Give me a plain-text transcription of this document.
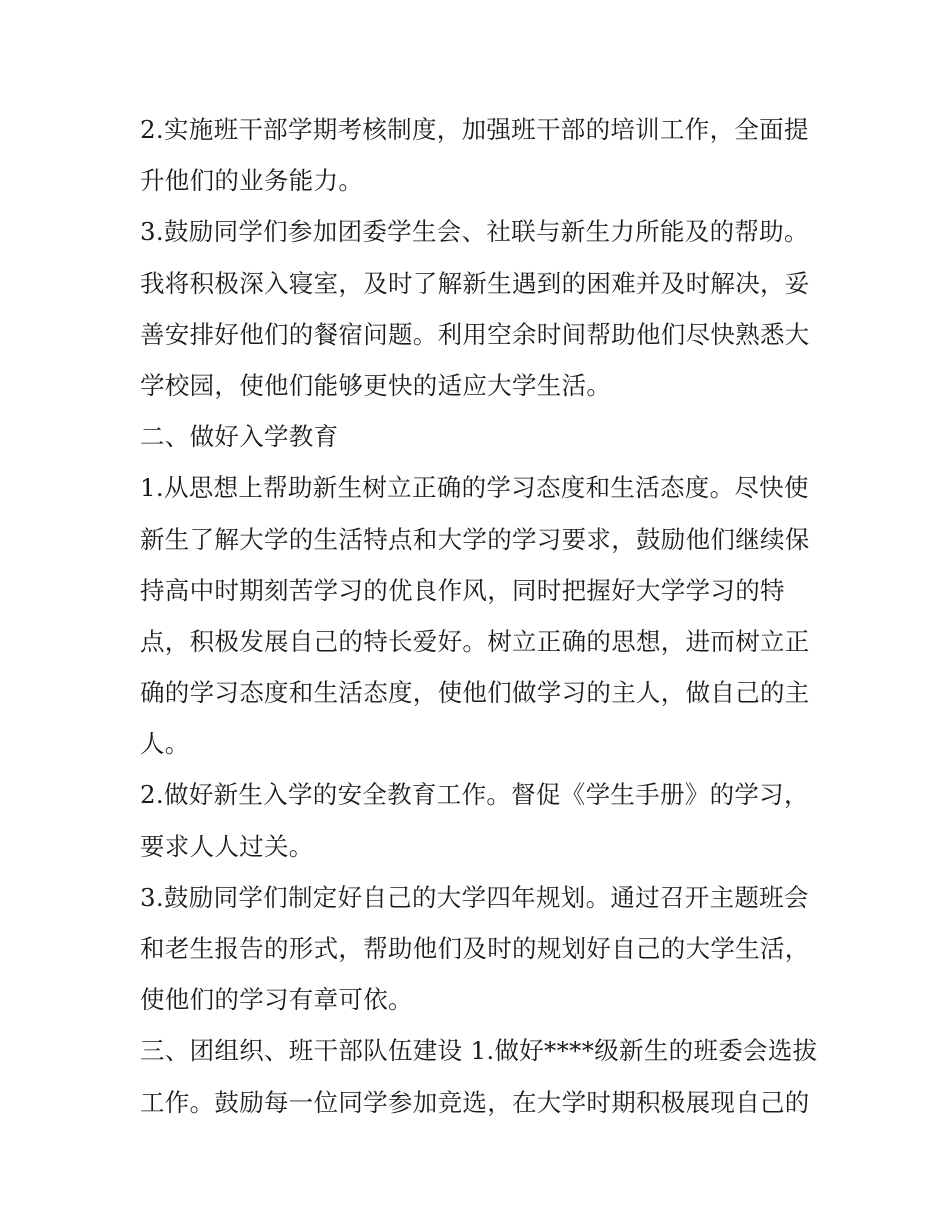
2.实施班干部学期考核制度，加强班干部的培训工作，全面提
升他们的业务能力。
3.鼓励同学们参加团委学生会、社联与新生力所能及的帮助。
我将积极深入寝室，及时了解新生遇到的困难并及时解决，妥
善安排好他们的餐宿问题。利用空余时间帮助他们尽快熟悉大
学校园，使他们能够更快的适应大学生活。
二、做好入学教育
1.从思想上帮助新生树立正确的学习态度和生活态度。尽快使
新生了解大学的生活特点和大学的学习要求，鼓励他们继续保
持高中时期刻苦学习的优良作风，同时把握好大学学习的特
点，积极发展自己的特长爱好。树立正确的思想，进而树立正
确的学习态度和生活态度，使他们做学习的主人，做自己的主
人。
2.做好新生入学的安全教育工作。督促《学生手册》的学习，
要求人人过关。
3.鼓励同学们制定好自己的大学四年规划。通过召开主题班会
和老生报告的形式，帮助他们及时的规划好自己的大学生活，
使他们的学习有章可依。
三、团组织、班干部队伍建设 1.做好****级新生的班委会选拔
工作。鼓励每一位同学参加竞选，在大学时期积极展现自己的
